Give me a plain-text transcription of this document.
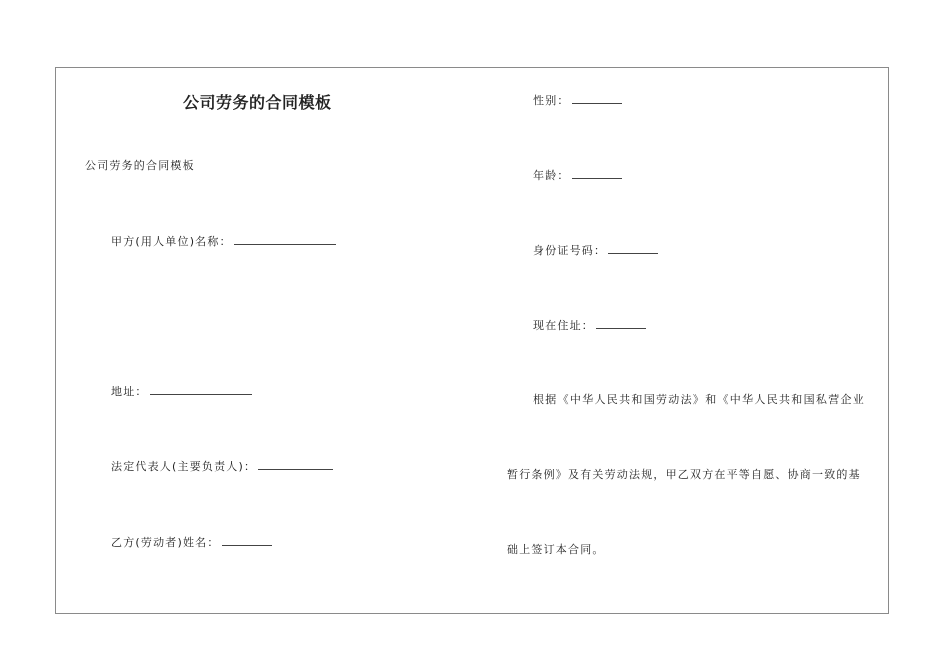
公司劳务的合同模板
公司劳务的合同模板
甲方(用人单位)名称：
地址：
法定代表人(主要负责人)：
乙方(劳动者)姓名：
性别：
年龄：
身份证号码：
现在住址：
根据《中华人民共和国劳动法》和《中华人民共和国私营企业
暂行条例》及有关劳动法规，甲乙双方在平等自愿、协商一致的基
础上签订本合同。
